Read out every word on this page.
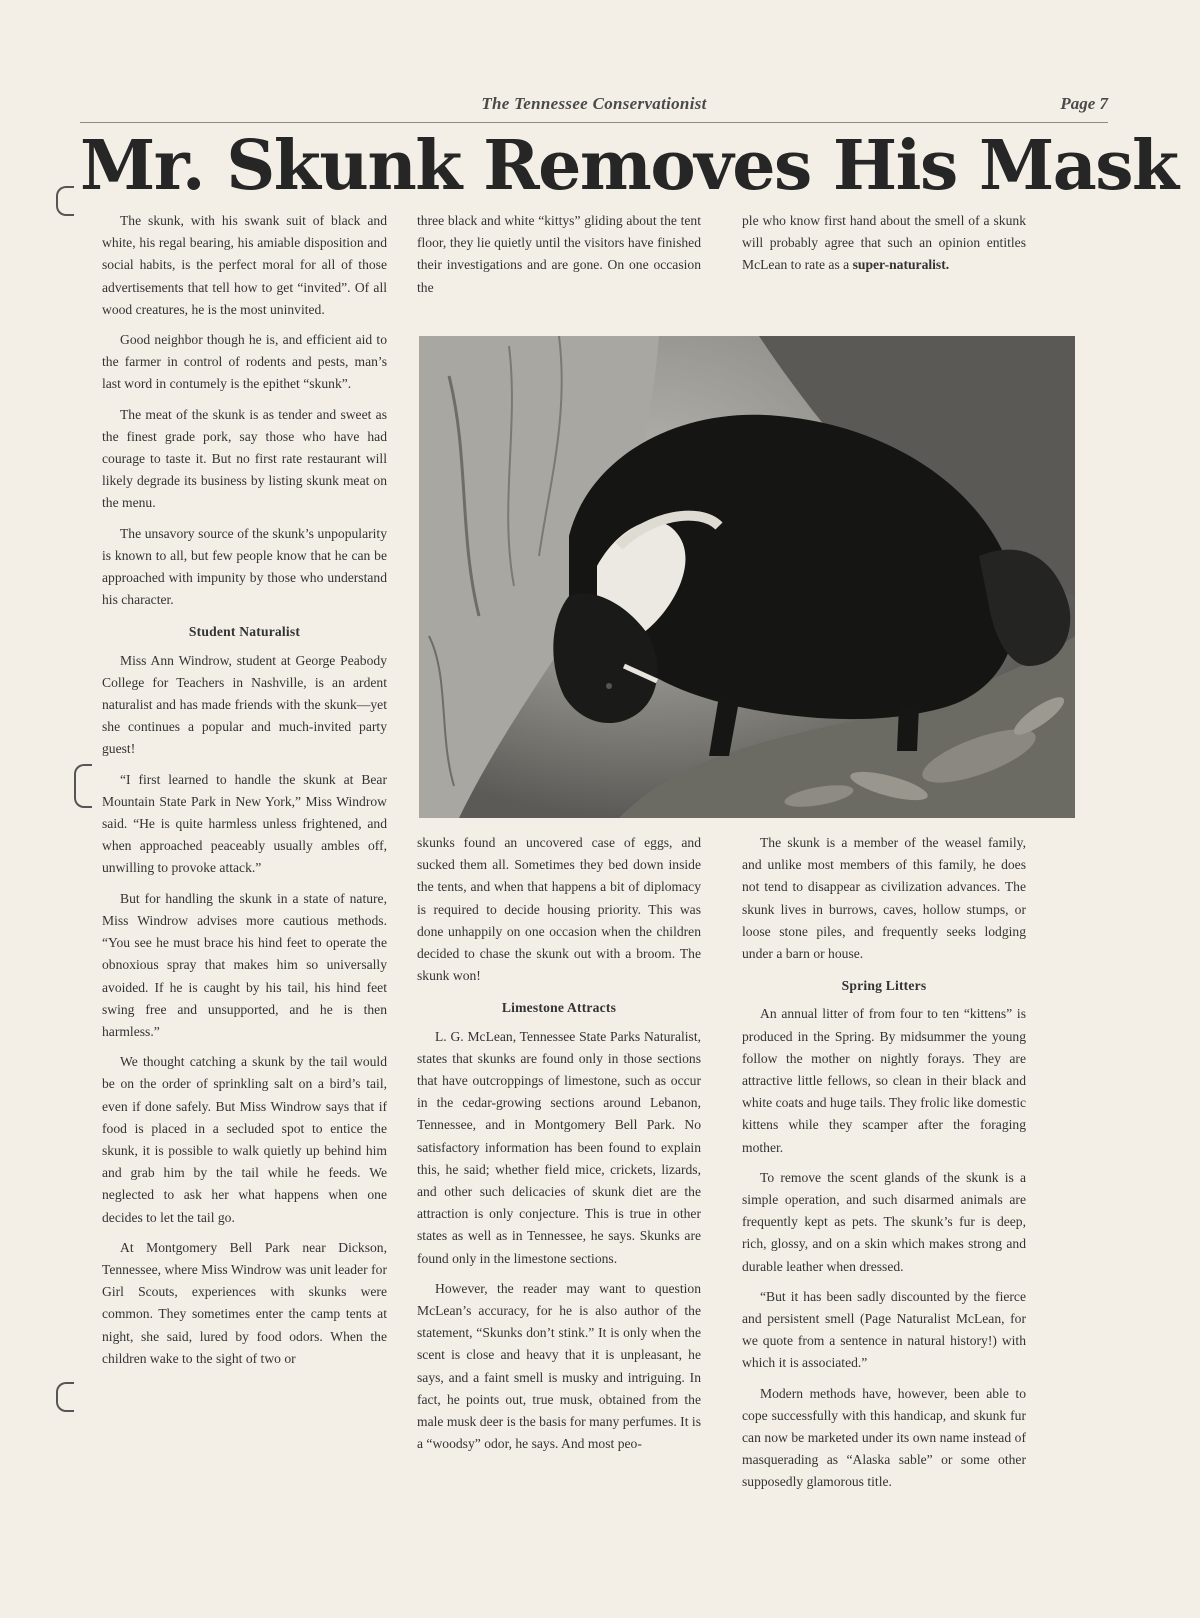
The Tennessee Conservationist	Page 7
Mr. Skunk Removes His Mask

The skunk, with his swank suit of black and white, his regal bearing, his amiable disposition and social habits, is the perfect moral for all of those advertisements that tell how to get “invited”. Of all wood creatures, he is the most uninvited.

Good neighbor though he is, and efficient aid to the farmer in control of rodents and pests, man’s last word in contumely is the epithet “skunk”.

The meat of the skunk is as tender and sweet as the finest grade pork, say those who have had courage to taste it. But no first rate restaurant will likely degrade its business by listing skunk meat on the menu.

The unsavory source of the skunk’s unpopularity is known to all, but few people know that he can be approached with impunity by those who understand his character.

Student Naturalist

Miss Ann Windrow, student at George Peabody College for Teachers in Nashville, is an ardent naturalist and has made friends with the skunk—yet she continues a popular and much-invited party guest!

“I first learned to handle the skunk at Bear Mountain State Park in New York,” Miss Windrow said. “He is quite harmless unless frightened, and when approached peaceably usually ambles off, unwilling to provoke attack.”

But for handling the skunk in a state of nature, Miss Windrow advises more cautious methods. “You see he must brace his hind feet to operate the obnoxious spray that makes him so universally avoided. If he is caught by his tail, his hind feet swing free and unsupported, and he is then harmless.”

We thought catching a skunk by the tail would be on the order of sprinkling salt on a bird’s tail, even if done safely. But Miss Windrow says that if food is placed in a secluded spot to entice the skunk, it is possible to walk quietly up behind him and grab him by the tail while he feeds. We neglected to ask her what happens when one decides to let the tail go.

At Montgomery Bell Park near Dickson, Tennessee, where Miss Windrow was unit leader for Girl Scouts, experiences with skunks were common. They sometimes enter the camp tents at night, she said, lured by food odors. When the children wake to the sight of two or

three black and white “kittys” gliding about the tent floor, they lie quietly until the visitors have finished their investigations and are gone. On one occasion the

ple who know first hand about the smell of a skunk will probably agree that such an opinion entitles McLean to rate as a super-naturalist.

skunks found an uncovered case of eggs, and sucked them all. Sometimes they bed down inside the tents, and when that happens a bit of diplomacy is required to decide housing priority. This was done unhappily on one occasion when the children decided to chase the skunk out with a broom. The skunk won!

Limestone Attracts

L. G. McLean, Tennessee State Parks Naturalist, states that skunks are found only in those sections that have outcroppings of limestone, such as occur in the cedar-growing sections around Lebanon, Tennessee, and in Montgomery Bell Park. No satisfactory information has been found to explain this, he said; whether field mice, crickets, lizards, and other such delicacies of skunk diet are the attraction is only conjecture. This is true in other states as well as in Tennessee, he says. Skunks are found only in the limestone sections.

However, the reader may want to question McLean’s accuracy, for he is also author of the statement, “Skunks don’t stink.” It is only when the scent is close and heavy that it is unpleasant, he says, and a faint smell is musky and intriguing. In fact, he points out, true musk, obtained from the male musk deer is the basis for many perfumes. It is a “woodsy” odor, he says. And most peo-

The skunk is a member of the weasel family, and unlike most members of this family, he does not tend to disappear as civilization advances. The skunk lives in burrows, caves, hollow stumps, or loose stone piles, and frequently seeks lodging under a barn or house.

Spring Litters

An annual litter of from four to ten “kittens” is produced in the Spring. By midsummer the young follow the mother on nightly forays. They are attractive little fellows, so clean in their black and white coats and huge tails. They frolic like domestic kittens while they scamper after the foraging mother.

To remove the scent glands of the skunk is a simple operation, and such disarmed animals are frequently kept as pets. The skunk’s fur is deep, rich, glossy, and on a skin which makes strong and durable leather when dressed.

“But it has been sadly discounted by the fierce and persistent smell (Page Naturalist McLean, for we quote from a sentence in natural history!) with which it is associated.”

Modern methods have, however, been able to cope successfully with this handicap, and skunk fur can now be marketed under its own name instead of masquerading as “Alaska sable” or some other supposedly glamorous title.
